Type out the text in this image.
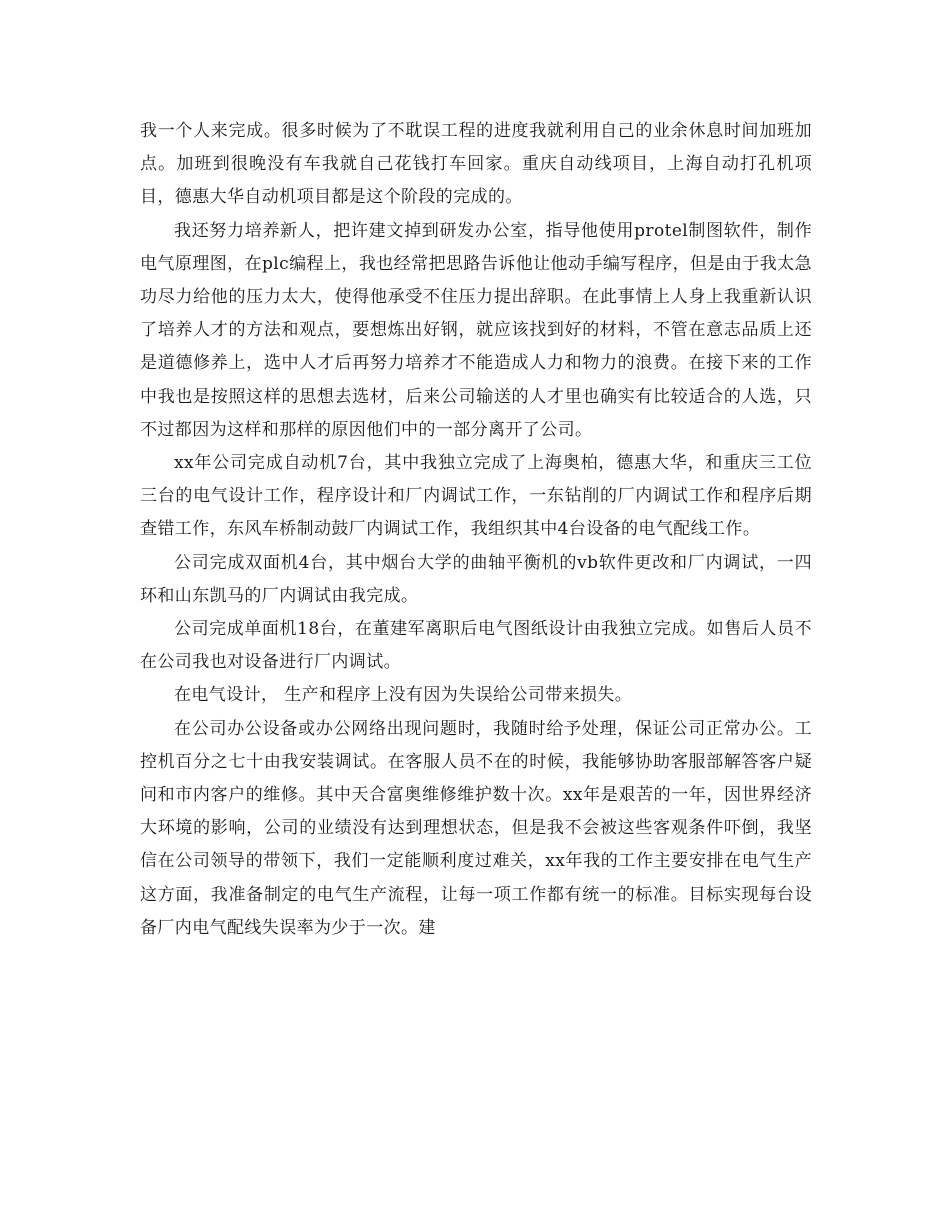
我一个人来完成。很多时候为了不耽误工程的进度我就利用自己的业余休息时间加班加点。加班到很晚没有车我就自己花钱打车回家。重庆自动线项目，上海自动打孔机项目，德惠大华自动机项目都是这个阶段的完成的。

我还努力培养新人，把许建文掉到研发办公室，指导他使用protel制图软件，制作电气原理图，在plc编程上，我也经常把思路告诉他让他动手编写程序，但是由于我太急功尽力给他的压力太大，使得他承受不住压力提出辞职。在此事情上人身上我重新认识了培养人才的方法和观点，要想炼出好钢，就应该找到好的材料，不管在意志品质上还是道德修养上，选中人才后再努力培养才不能造成人力和物力的浪费。在接下来的工作中我也是按照这样的思想去选材，后来公司输送的人才里也确实有比较适合的人选，只不过都因为这样和那样的原因他们中的一部分离开了公司。

xx年公司完成自动机7台，其中我独立完成了上海奥柏，德惠大华，和重庆三工位三台的电气设计工作，程序设计和厂内调试工作，一东钻削的厂内调试工作和程序后期查错工作，东风车桥制动鼓厂内调试工作，我组织其中4台设备的电气配线工作。

公司完成双面机4台，其中烟台大学的曲轴平衡机的vb软件更改和厂内调试，一四环和山东凯马的厂内调试由我完成。

公司完成单面机18台，在董建军离职后电气图纸设计由我独立完成。如售后人员不在公司我也对设备进行厂内调试。

在电气设计， 生产和程序上没有因为失误给公司带来损失。

在公司办公设备或办公网络出现问题时，我随时给予处理，保证公司正常办公。工控机百分之七十由我安装调试。在客服人员不在的时候，我能够协助客服部解答客户疑问和市内客户的维修。其中天合富奥维修维护数十次。xx年是艰苦的一年，因世界经济大环境的影响，公司的业绩没有达到理想状态，但是我不会被这些客观条件吓倒，我坚信在公司领导的带领下，我们一定能顺利度过难关，xx年我的工作主要安排在电气生产这方面，我准备制定的电气生产流程，让每一项工作都有统一的标准。目标实现每台设备厂内电气配线失误率为少于一次。建
